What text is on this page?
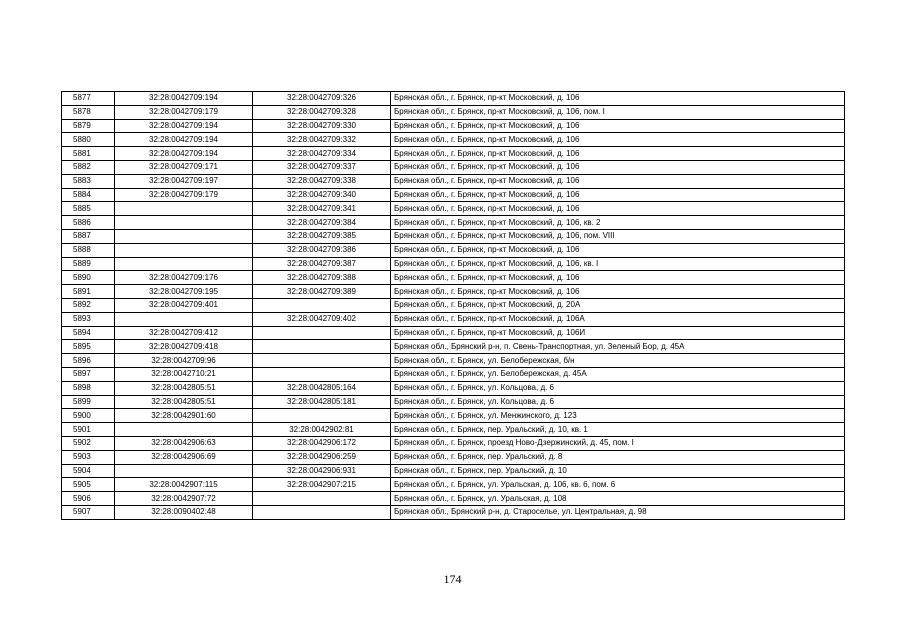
5877	32:28:0042709:194	32:28:0042709:326	Брянская обл., г. Брянск, пр-кт Московский, д. 106
5878	32:28:0042709:179	32:28:0042709:328	Брянская обл., г. Брянск, пр-кт Московский, д. 106, пом. I
5879	32:28:0042709:194	32:28:0042709:330	Брянская обл., г. Брянск, пр-кт Московский, д. 106
5880	32:28:0042709:194	32:28:0042709:332	Брянская обл., г. Брянск, пр-кт Московский, д. 106
5881	32:28:0042709:194	32:28:0042709:334	Брянская обл., г. Брянск, пр-кт Московский, д. 106
5882	32:28:0042709:171	32:28:0042709:337	Брянская обл., г. Брянск, пр-кт Московский, д. 106
5883	32:28:0042709:197	32:28:0042709:338	Брянская обл., г. Брянск, пр-кт Московский, д. 106
5884	32:28:0042709:179	32:28:0042709:340	Брянская обл., г. Брянск, пр-кт Московский, д. 106
5885		32:28:0042709:341	Брянская обл., г. Брянск, пр-кт Московский, д. 106
5886		32:28:0042709:384	Брянская обл., г. Брянск, пр-кт Московский, д. 106, кв. 2
5887		32:28:0042709:385	Брянская обл., г. Брянск, пр-кт Московский, д. 106, пом. VIII
5888		32:28:0042709:386	Брянская обл., г. Брянск, пр-кт Московский, д. 106
5889		32:28:0042709:387	Брянская обл., г. Брянск, пр-кт Московский, д. 106, кв. I
5890	32:28:0042709:176	32:28:0042709:388	Брянская обл., г. Брянск, пр-кт Московский, д. 106
5891	32:28:0042709:195	32:28:0042709:389	Брянская обл., г. Брянск, пр-кт Московский, д. 106
5892	32:28:0042709:401		Брянская обл., г. Брянск, пр-кт Московский, д. 20А
5893		32:28:0042709:402	Брянская обл., г. Брянск, пр-кт Московский, д. 106А
5894	32:28:0042709:412		Брянская обл., г. Брянск, пр-кт Московский, д. 106И
5895	32:28:0042709:418		Брянская обл., Брянский р-н, п. Свень-Транспортная, ул. Зеленый Бор, д. 45А
5896	32:28:0042709:96		Брянская обл., г. Брянск, ул. Белобережская, б/н
5897	32:28:0042710:21		Брянская обл., г. Брянск, ул. Белобережская, д. 45А
5898	32:28:0042805:51	32:28:0042805:164	Брянская обл., г. Брянск, ул. Кольцова, д. 6
5899	32:28:0042805:51	32:28:0042805:181	Брянская обл., г. Брянск, ул. Кольцова, д. 6
5900	32:28:0042901:60		Брянская обл., г. Брянск, ул. Менжинского, д. 123
5901		32:28:0042902:81	Брянская обл., г. Брянск, пер. Уральский, д. 10, кв. 1
5902	32:28:0042906:63	32:28:0042906:172	Брянская обл., г. Брянск, проезд Ново-Дзержинский, д. 45, пом. I
5903	32:28:0042906:69	32:28:0042906:259	Брянская обл., г. Брянск, пер. Уральский, д. 8
5904		32:28:0042906:931	Брянская обл., г. Брянск, пер. Уральский, д. 10
5905	32:28:0042907:115	32:28:0042907:215	Брянская обл., г. Брянск, ул. Уральская, д. 106, кв. 6, пом. 6
5906	32:28:0042907:72		Брянская обл., г. Брянск, ул. Уральская, д. 108
5907	32:28:0090402:48		Брянская обл., Брянский р-н, д. Староселье, ул. Центральная, д. 98
174
